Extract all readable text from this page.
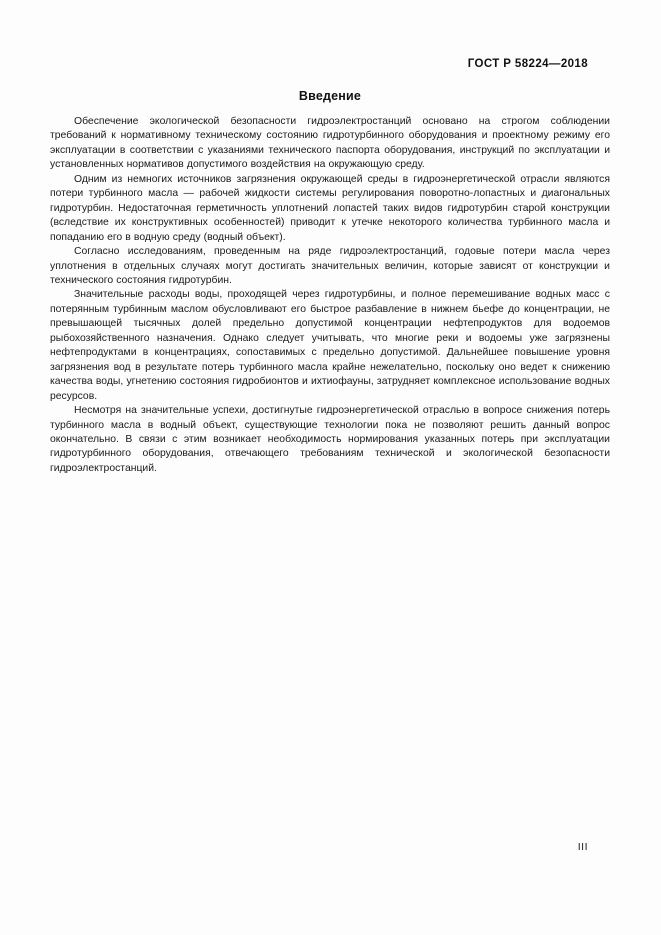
ГОСТ Р 58224—2018
Введение

Обеспечение экологической безопасности гидроэлектростанций основано на строгом соблюдении требований к нормативному техническому состоянию гидротурбинного оборудования и проектному режиму его эксплуатации в соответствии с указаниями технического паспорта оборудования, инструкций по эксплуатации и установленных нормативов допустимого воздействия на окружающую среду.

Одним из немногих источников загрязнения окружающей среды в гидроэнергетической отрасли являются потери турбинного масла — рабочей жидкости системы регулирования поворотно-лопастных и диагональных гидротурбин. Недостаточная герметичность уплотнений лопастей таких видов гидротурбин старой конструкции (вследствие их конструктивных особенностей) приводит к утечке некоторого количества турбинного масла и попаданию его в водную среду (водный объект).

Согласно исследованиям, проведенным на ряде гидроэлектростанций, годовые потери масла через уплотнения в отдельных случаях могут достигать значительных величин, которые зависят от конструкции и технического состояния гидротурбин.

Значительные расходы воды, проходящей через гидротурбины, и полное перемешивание водных масс с потерянным турбинным маслом обусловливают его быстрое разбавление в нижнем бьефе до концентрации, не превышающей тысячных долей предельно допустимой концентрации нефтепродуктов для водоемов рыбохозяйственного назначения. Однако следует учитывать, что многие реки и водоемы уже загрязнены нефтепродуктами в концентрациях, сопоставимых с предельно допустимой. Дальнейшее повышение уровня загрязнения вод в результате потерь турбинного масла крайне нежелательно, поскольку оно ведет к снижению качества воды, угнетению состояния гидробионтов и ихтиофауны, затрудняет комплексное использование водных ресурсов.

Несмотря на значительные успехи, достигнутые гидроэнергетической отраслью в вопросе снижения потерь турбинного масла в водный объект, существующие технологии пока не позволяют решить данный вопрос окончательно. В связи с этим возникает необходимость нормирования указанных потерь при эксплуатации гидротурбинного оборудования, отвечающего требованиям технической и экологической безопасности гидроэлектростанций.

III
